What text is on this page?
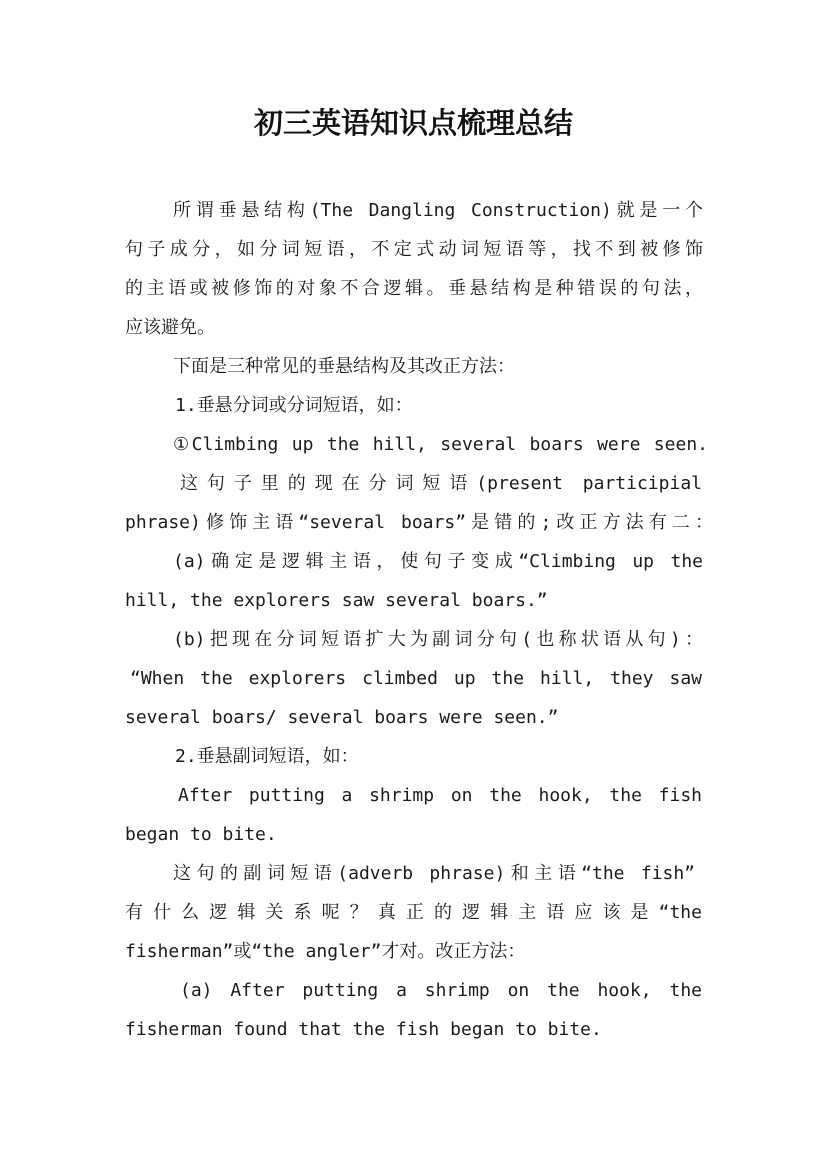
初三英语知识点梳理总结

所谓垂悬结构(The Dangling Construction)就是一个

句子成分，如分词短语，不定式动词短语等，找不到被修饰

的主语或被修饰的对象不合逻辑。垂悬结构是种错误的句法，

应该避免。

下面是三种常见的垂悬结构及其改正方法：

1.垂悬分词或分词短语，如：

①Climbing up the hill, several boars were seen.

这句子里的现在分词短语(present participial

phrase)修饰主语“several boars”是错的;改正方法有二：

(a)确定是逻辑主语，使句子变成“Climbing up the

hill, the explorers saw several boars.”

(b)把现在分词短语扩大为副词分句(也称状语从句)：

“When the explorers climbed up the hill, they saw

several boars/ several boars were seen.”

2.垂悬副词短语，如：

After putting a shrimp on the hook, the fish

began to bite.

这句的副词短语(adverb phrase)和主语“the fish”

有什么逻辑关系呢？真正的逻辑主语应该是“the

fisherman”或“the angler”才对。改正方法：

(a) After putting a shrimp on the hook, the

fisherman found that the fish began to bite.
